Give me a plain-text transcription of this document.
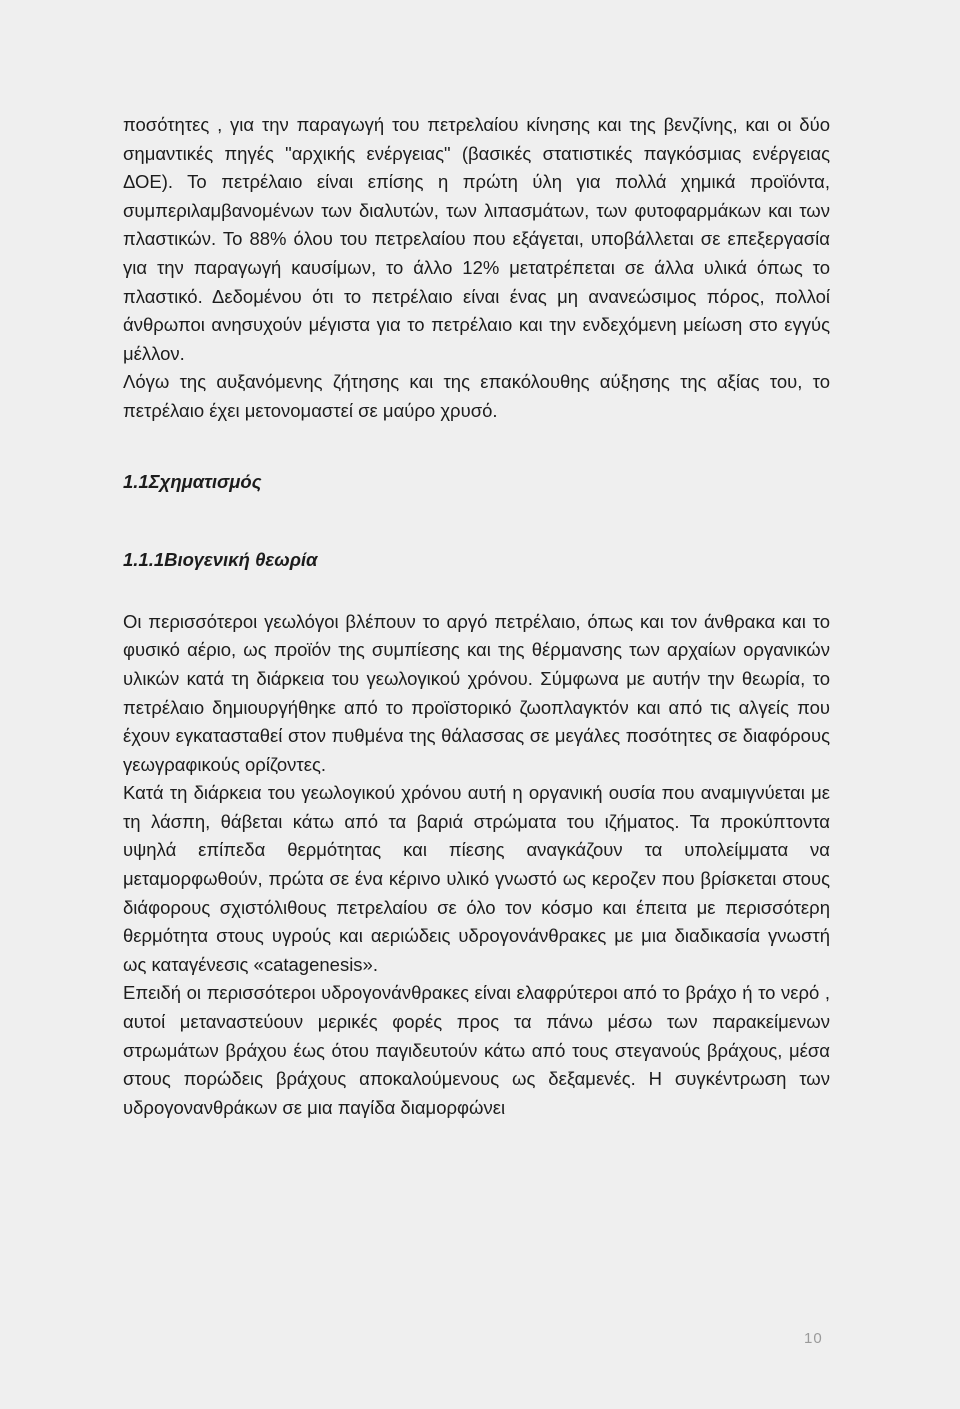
ποσότητες , για την παραγωγή του πετρελαίου κίνησης και της βενζίνης, και οι δύο σημαντικές πηγές "αρχικής ενέργειας" (βασικές στατιστικές παγκόσμιας ενέργειας ΔΟΕ). Το πετρέλαιο είναι επίσης η πρώτη ύλη για πολλά χημικά προϊόντα, συμπεριλαμβανομένων των διαλυτών, των λιπασμάτων, των φυτοφαρμάκων και των πλαστικών. Το 88% όλου του πετρελαίου που εξάγεται, υποβάλλεται σε επεξεργασία για την παραγωγή καυσίμων, το άλλο 12% μετατρέπεται σε άλλα υλικά όπως το πλαστικό. Δεδομένου ότι το πετρέλαιο είναι ένας μη ανανεώσιμος πόρος, πολλοί άνθρωποι ανησυχούν μέγιστα για το πετρέλαιο και την ενδεχόμενη μείωση στο εγγύς μέλλον.

Λόγω της αυξανόμενης ζήτησης και της επακόλουθης αύξησης της αξίας του, το πετρέλαιο έχει μετονομαστεί σε μαύρο χρυσό.

1.1Σχηματισμός

1.1.1Βιογενική θεωρία

Οι περισσότεροι γεωλόγοι βλέπουν το αργό πετρέλαιο, όπως και τον άνθρακα και το φυσικό αέριο, ως προϊόν της συμπίεσης και της θέρμανσης των αρχαίων οργανικών υλικών κατά τη διάρκεια του γεωλογικού χρόνου. Σύμφωνα με αυτήν την θεωρία, το πετρέλαιο δημιουργήθηκε από το προϊστορικό ζωοπλαγκτόν και από τις αλγείς που έχουν εγκατασταθεί στον πυθμένα της θάλασσας σε μεγάλες ποσότητες σε διαφόρους γεωγραφικούς ορίζοντες.

Κατά τη διάρκεια του γεωλογικού χρόνου αυτή η οργανική ουσία που αναμιγνύεται με τη λάσπη, θάβεται κάτω από τα βαριά στρώματα του ιζήματος. Τα προκύπτοντα υψηλά επίπεδα θερμότητας και πίεσης αναγκάζουν τα υπολείμματα να μεταμορφωθούν, πρώτα σε ένα κέρινο υλικό γνωστό ως κεροζεν που βρίσκεται στους διάφορους σχιστόλιθους πετρελαίου σε όλο τον κόσμο και έπειτα με περισσότερη θερμότητα στους υγρούς και αεριώδεις υδρογονάνθρακες με μια διαδικασία γνωστή ως καταγένεσις «catagenesis».

Επειδή οι περισσότεροι υδρογονάνθρακες είναι ελαφρύτεροι από το βράχο ή το νερό , αυτοί μεταναστεύουν μερικές φορές προς τα πάνω μέσω των παρακείμενων στρωμάτων βράχου έως ότου παγιδευτούν κάτω από τους στεγανούς βράχους, μέσα στους πορώδεις βράχους αποκαλούμενους ως δεξαμενές. Η συγκέντρωση των υδρογονανθράκων σε μια παγίδα διαμορφώνει

10
